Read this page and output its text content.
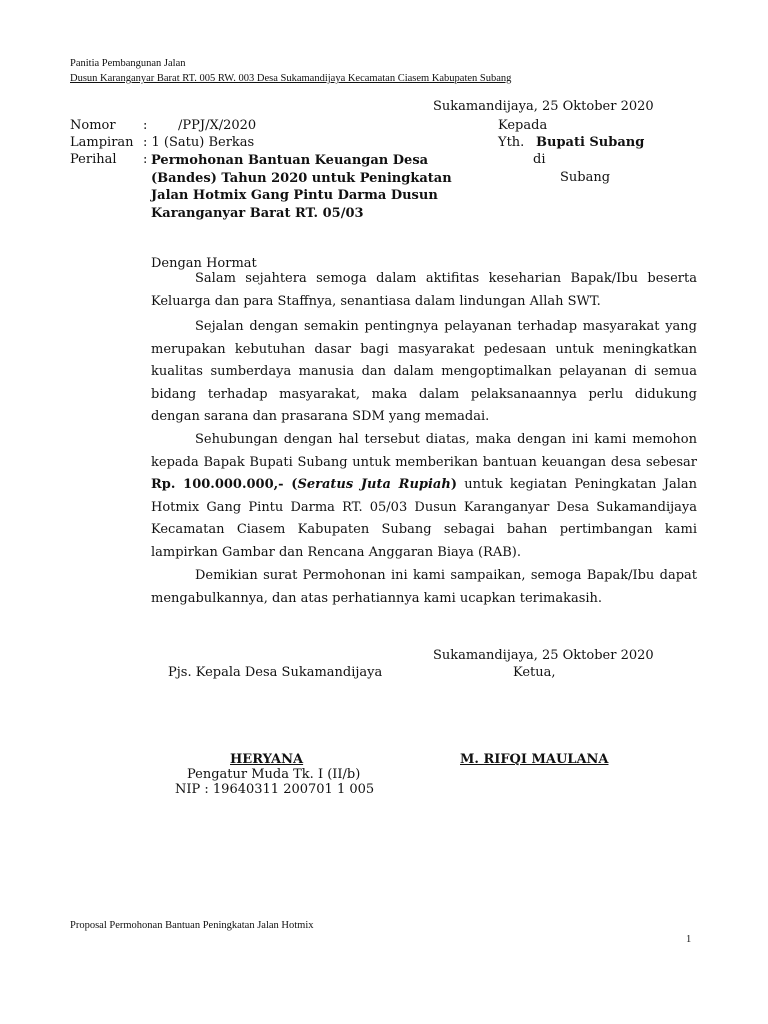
Panitia Pembangunan Jalan
Dusun Karanganyar Barat RT. 005 RW. 003 Desa Sukamandijaya Kecamatan Ciasem Kabupaten Subang
Sukamandijaya, 25 Oktober 2020
Nomor : /PPJ/X/2020
Lampiran : 1 (Satu) Berkas
Perihal : Permohonan Bantuan Keuangan Desa
(Bandes) Tahun 2020 untuk Peningkatan
Jalan Hotmix Gang Pintu Darma Dusun
Karanganyar Barat RT. 05/03
Kepada
Yth. Bupati Subang
di
Subang
Dengan Hormat
Salam sejahtera semoga dalam aktifitas keseharian Bapak/Ibu beserta Keluarga dan para Staffnya, senantiasa dalam lindungan Allah SWT.
Sejalan dengan semakin pentingnya pelayanan terhadap masyarakat yang merupakan kebutuhan dasar bagi masyarakat pedesaan untuk meningkatkan kualitas sumberdaya manusia dan dalam mengoptimalkan pelayanan di semua bidang terhadap masyarakat, maka dalam pelaksanaannya perlu didukung dengan sarana dan prasarana SDM yang memadai.
Sehubungan dengan hal tersebut diatas, maka dengan ini kami memohon kepada Bapak Bupati Subang untuk memberikan bantuan keuangan desa sebesar Rp. 100.000.000,- (Seratus Juta Rupiah) untuk kegiatan Peningkatan Jalan Hotmix Gang Pintu Darma RT. 05/03 Dusun Karanganyar Desa Sukamandijaya Kecamatan Ciasem Kabupaten Subang sebagai bahan pertimbangan kami lampirkan Gambar dan Rencana Anggaran Biaya (RAB).
Demikian surat Permohonan ini kami sampaikan, semoga Bapak/Ibu dapat mengabulkannya, dan atas perhatiannya kami ucapkan terimakasih.
Sukamandijaya, 25 Oktober 2020
Pjs. Kepala Desa Sukamandijaya	Ketua,
HERYANA
Pengatur Muda Tk. I (II/b)
NIP : 19640311 200701 1 005
M. RIFQI MAULANA
Proposal Permohonan Bantuan Peningkatan Jalan Hotmix
1
